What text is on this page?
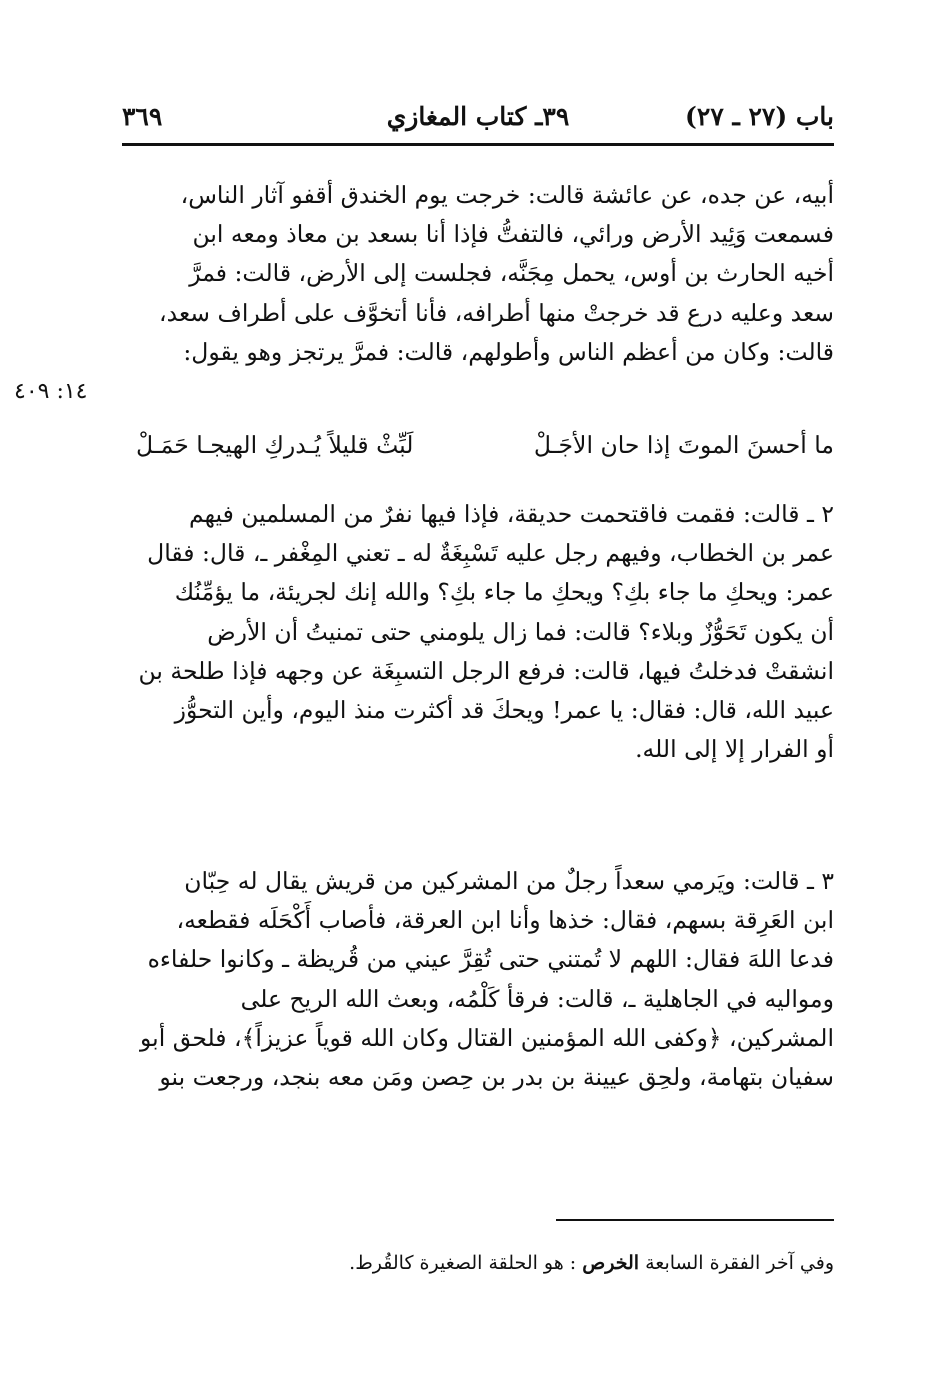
باب (٢٧ ـ ٢٧)
٣٩ـ كتاب المغازي
٣٦٩
أبيه، عن جده، عن عائشة قالت: خرجت يوم الخندق أقفو آثار الناس،
فسمعت وَئِيد الأرض ورائي، فالتفتُّ فإذا أنا بسعد بن معاذ ومعه ابن
أخيه الحارث بن أوس، يحمل مِجَنَّه، فجلست إلى الأرض، قالت: فمرَّ
سعد وعليه درع قد خرجتْ منها أطرافه، فأنا أتخوَّف على أطراف سعد،
قالت: وكان من أعظم الناس وأطولهم، قالت: فمرَّ يرتجز وهو يقول:
١٤: ٤٠٩
ما أحسنَ الموتَ إذا حان الأجَـلْ
لَبِّثْ قليلاً يُـدركِ الهيجـا حَمَـلْ
٢ ـ قالت: فقمت فاقتحمت حديقة، فإذا فيها نفرٌ من المسلمين فيهم
عمر بن الخطاب، وفيهم رجل عليه تَسْبِغَةٌ له ـ تعني المِغْفر ـ، قال: فقال
عمر: ويحكِ ما جاء بكِ؟ ويحكِ ما جاء بكِ؟ والله إنك لجريئة، ما يؤمِّنُك
أن يكون تَحَوُّزٌ وبلاء؟ قالت: فما زال يلومني حتى تمنيتُ أن الأرض
انشقتْ فدخلتُ فيها، قالت: فرفع الرجل التسبِغَة عن وجهه فإذا طلحة بن
عبيد الله، قال: فقال: يا عمر! ويحكَ قد أكثرت منذ اليوم، وأين التحوُّز
أو الفرار إلا إلى الله.
٣ ـ قالت: ويَرمي سعداً رجلٌ من المشركين من قريش يقال له حِبّان
ابن العَرِقة بسهم، فقال: خذها وأنا ابن العرقة، فأصاب أَكْحَلَه فقطعه،
فدعا اللهَ فقال: اللهم لا تُمتني حتى تُقِرَّ عيني من قُريظة ـ وكانوا حلفاءه
ومواليه في الجاهلية ـ، قالت: فرقأ كَلْمُه، وبعث الله الريح على
المشركين، ﴿وكفى الله المؤمنين القتال وكان الله قوياً عزيزاً﴾، فلحق أبو
سفيان بتهامة، ولحِق عيينة بن بدر بن حِصن ومَن معه بنجد، ورجعت بنو
وفي آخر الفقرة السابعة الخرص : هو الحلقة الصغيرة كالقُرط.
